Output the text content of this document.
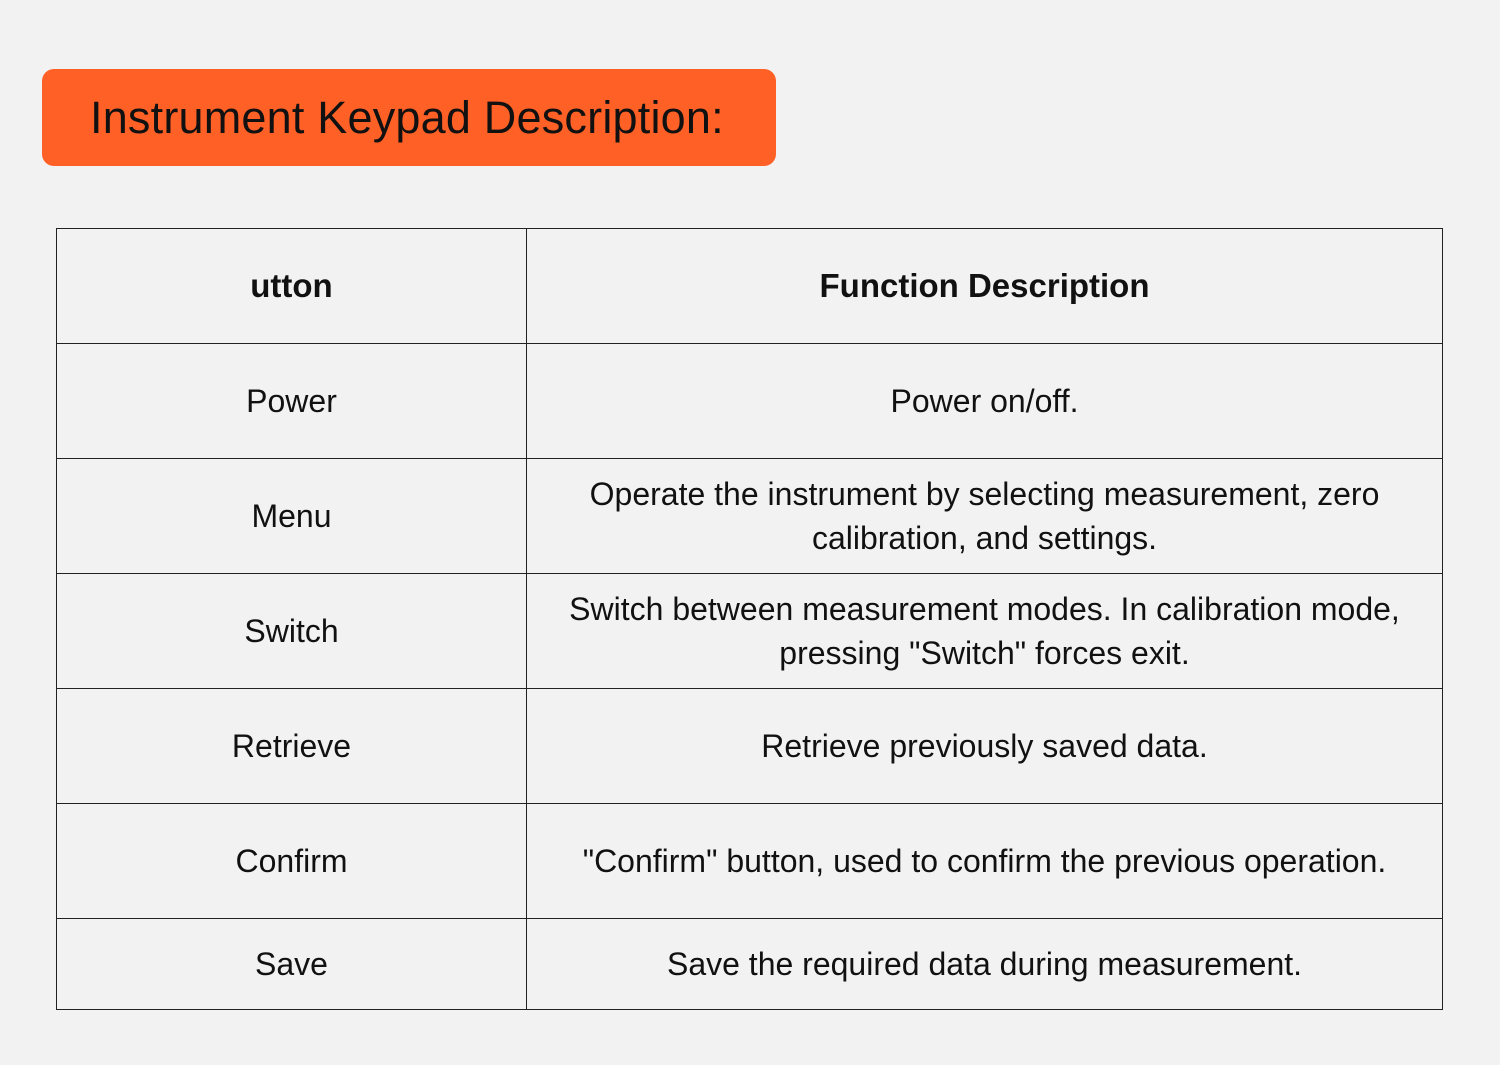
Instrument Keypad Description:
utton	Function Description
Power	Power on/off.
Menu	Operate the instrument by selecting measurement, zero calibration, and settings.
Switch	Switch between measurement modes. In calibration mode, pressing "Switch" forces exit.
Retrieve	Retrieve previously saved data.
Confirm	"Confirm" button, used to confirm the previous operation.
Save	Save the required data during measurement.
